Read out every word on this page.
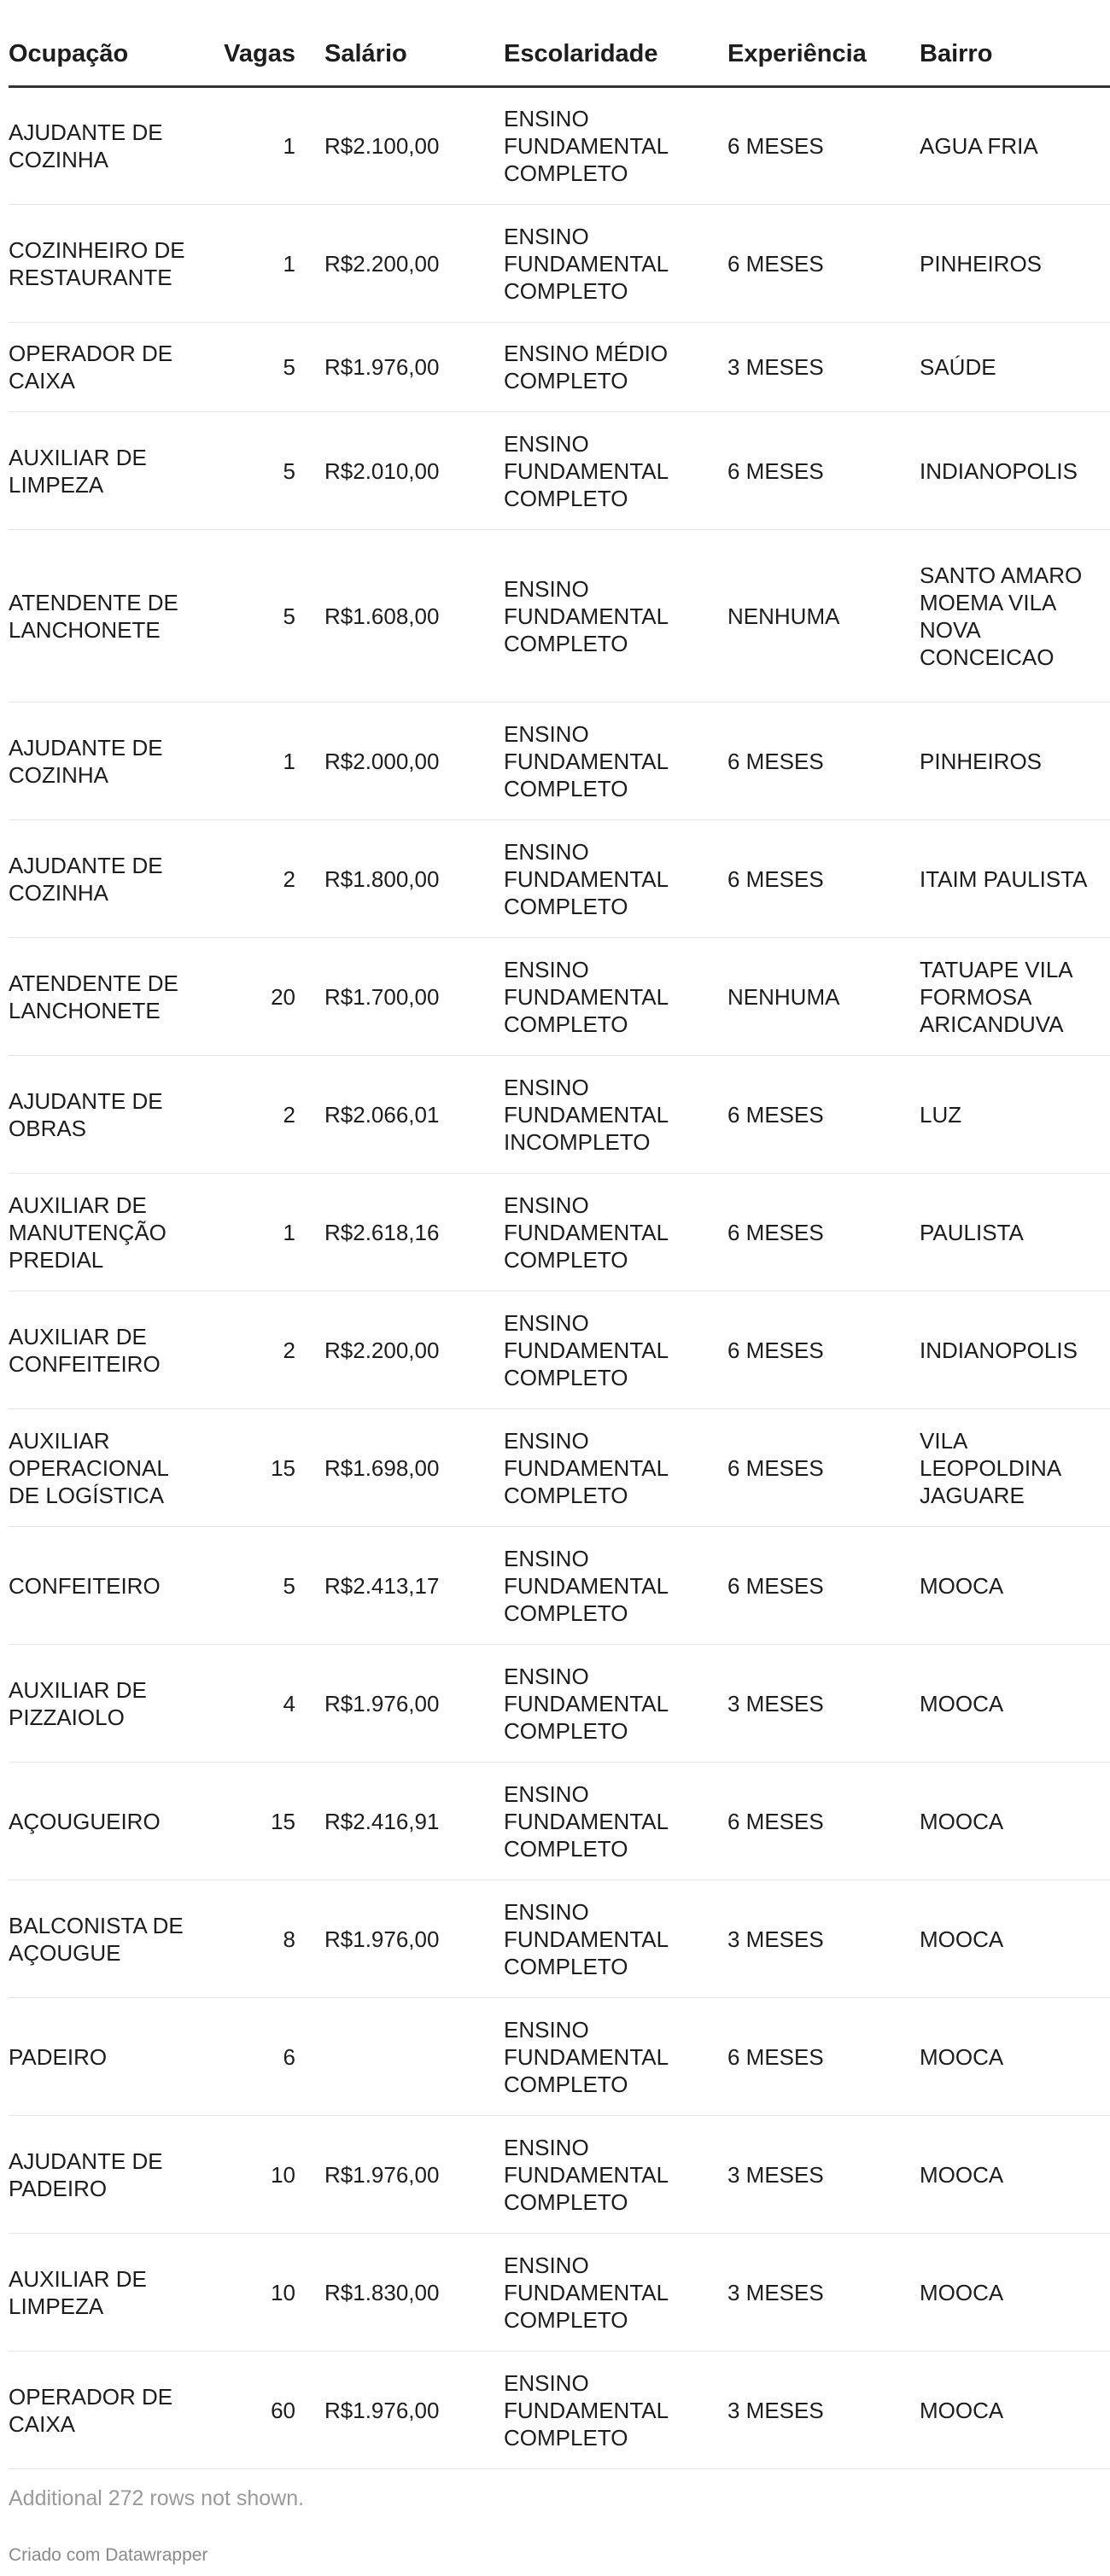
Ocupação	Vagas	Salário	Escolaridade	Experiência	Bairro
AJUDANTE DE COZINHA	1	R$2.100,00	ENSINO FUNDAMENTAL COMPLETO	6 MESES	AGUA FRIA
COZINHEIRO DE RESTAURANTE	1	R$2.200,00	ENSINO FUNDAMENTAL COMPLETO	6 MESES	PINHEIROS
OPERADOR DE CAIXA	5	R$1.976,00	ENSINO MÉDIO COMPLETO	3 MESES	SAÚDE
AUXILIAR DE LIMPEZA	5	R$2.010,00	ENSINO FUNDAMENTAL COMPLETO	6 MESES	INDIANOPOLIS
ATENDENTE DE LANCHONETE	5	R$1.608,00	ENSINO FUNDAMENTAL COMPLETO	NENHUMA	SANTO AMARO MOEMA VILA NOVA CONCEICAO
AJUDANTE DE COZINHA	1	R$2.000,00	ENSINO FUNDAMENTAL COMPLETO	6 MESES	PINHEIROS
AJUDANTE DE COZINHA	2	R$1.800,00	ENSINO FUNDAMENTAL COMPLETO	6 MESES	ITAIM PAULISTA
ATENDENTE DE LANCHONETE	20	R$1.700,00	ENSINO FUNDAMENTAL COMPLETO	NENHUMA	TATUAPE VILA FORMOSA ARICANDUVA
AJUDANTE DE OBRAS	2	R$2.066,01	ENSINO FUNDAMENTAL INCOMPLETO	6 MESES	LUZ
AUXILIAR DE MANUTENÇÃO PREDIAL	1	R$2.618,16	ENSINO FUNDAMENTAL COMPLETO	6 MESES	PAULISTA
AUXILIAR DE CONFEITEIRO	2	R$2.200,00	ENSINO FUNDAMENTAL COMPLETO	6 MESES	INDIANOPOLIS
AUXILIAR OPERACIONAL DE LOGÍSTICA	15	R$1.698,00	ENSINO FUNDAMENTAL COMPLETO	6 MESES	VILA LEOPOLDINA JAGUARE
CONFEITEIRO	5	R$2.413,17	ENSINO FUNDAMENTAL COMPLETO	6 MESES	MOOCA
AUXILIAR DE PIZZAIOLO	4	R$1.976,00	ENSINO FUNDAMENTAL COMPLETO	3 MESES	MOOCA
AÇOUGUEIRO	15	R$2.416,91	ENSINO FUNDAMENTAL COMPLETO	6 MESES	MOOCA
BALCONISTA DE AÇOUGUE	8	R$1.976,00	ENSINO FUNDAMENTAL COMPLETO	3 MESES	MOOCA
PADEIRO	6		ENSINO FUNDAMENTAL COMPLETO	6 MESES	MOOCA
AJUDANTE DE PADEIRO	10	R$1.976,00	ENSINO FUNDAMENTAL COMPLETO	3 MESES	MOOCA
AUXILIAR DE LIMPEZA	10	R$1.830,00	ENSINO FUNDAMENTAL COMPLETO	3 MESES	MOOCA
OPERADOR DE CAIXA	60	R$1.976,00	ENSINO FUNDAMENTAL COMPLETO	3 MESES	MOOCA
Additional 272 rows not shown.
Criado com Datawrapper
